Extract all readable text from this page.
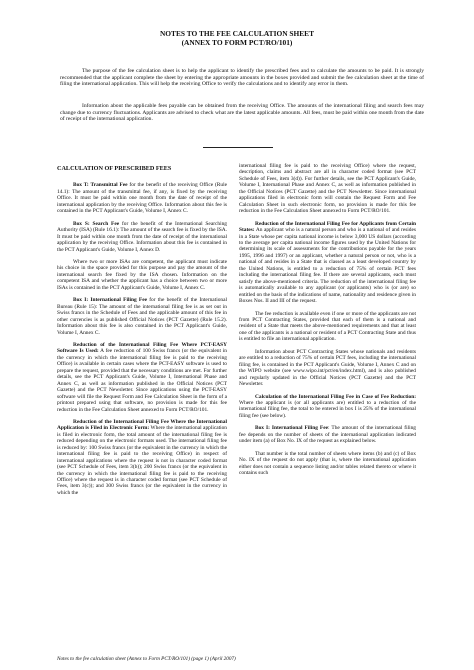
NOTES TO THE FEE CALCULATION SHEET
(ANNEX TO FORM PCT/RO/101)

The purpose of the fee calculation sheet is to help the applicant to identify the prescribed fees and to calculate the amounts to be paid. It is strongly recommended that the applicant complete the sheet by entering the appropriate amounts in the boxes provided and submit the fee calculation sheet at the time of filing the international application. This will help the receiving Office to verify the calculations and to identify any error in them.

Information about the applicable fees payable can be obtained from the receiving Office. The amounts of the international filing and search fees may change due to currency fluctuations. Applicants are advised to check what are the latest applicable amounts. All fees, must be paid within one month from the date of receipt of the international application.

CALCULATION OF PRESCRIBED FEES

Box T: Transmittal Fee for the benefit of the receiving Office (Rule 14.1): The amount of the transmittal fee, if any, is fixed by the receiving Office. It must be paid within one month from the date of receipt of the international application by the receiving Office. Information about this fee is contained in the PCT Applicant's Guide, Volume I, Annex C.

Box S: Search Fee for the benefit of the International Searching Authority (ISA) (Rule 16.1): The amount of the search fee is fixed by the ISA. It must be paid within one month from the date of receipt of the international application by the receiving Office. Information about this fee is contained in the PCT Applicant's Guide, Volume I, Annex D.

Where two or more ISAs are competent, the applicant must indicate his choice in the space provided for this purpose and pay the amount of the international search fee fixed by the ISA chosen. Information on the competent ISA and whether the applicant has a choice between two or more ISAs is contained in the PCT Applicant's Guide, Volume I, Annex C.

Box I: International Filing Fee for the benefit of the International Bureau (Rule 15): The amount of the international filing fee is as set out in Swiss francs in the Schedule of Fees and the applicable amount of this fee in other currencies is as published Official Notices (PCT Gazette) (Rule 15.2). Information about this fee is also contained in the PCT Applicant's Guide, Volume I, Annex C.

Reduction of the International Filing Fee Where PCT-EASY Software Is Used: A fee reduction of 100 Swiss francs (or the equivalent in the currency in which the international filing fee is paid to the receiving Office) is available in certain cases where the PCT-EASY software is used to prepare the request, provided that the necessary conditions are met. For further details, see the PCT Applicant's Guide, Volume I, International Phase and Annex C, as well as information published in the Official Notices (PCT Gazette) and the PCT Newsletter. Since applications using the PCT-EASY software will file the Request Form and Fee Calculation Sheet in the form of a printout prepared using that software, no provision is made for this fee reduction in the Fee Calculation Sheet annexed to Form PCT/RO/101.

Reduction of the International Filing Fee Where the International Application is Filed in Electronic Form: Where the international application is filed in electronic form, the total amount of the international filing fee is reduced depending on the electronic formats used. The international filing fee is reduced by: 100 Swiss francs (or the equivalent in the currency in which the international filing fee is paid to the receiving Office) in respect of international applications where the request is not in character coded format (see PCT Schedule of Fees, item 3(b)); 200 Swiss francs (or the equivalent in the currency in which the international filing fee is paid to the receiving Office) where the request is in character coded format (see PCT Schedule of Fees, item 3(c)); and 300 Swiss francs (or the equivalent in the currency in which the

international filing fee is paid to the receiving Office) where the request, description, claims and abstract are all in character coded format (see PCT Schedule of Fees, item 3(d)). For further details, see the PCT Applicant's Guide, Volume I, International Phase and Annex C, as well as information published in the Official Notices (PCT Gazette) and the PCT Newsletter. Since international applications filed in electronic form will contain the Request Form and Fee Calculation Sheet in such electronic form, no provision is made for this fee reduction in the Fee Calculation Sheet annexed to Form PCT/RO/101.

Reduction of the International Filing Fee for Applicants from Certain States: An applicant who is a natural person and who is a national of and resides in a State whose per capita national income is below 3,000 US dollars (according to the average per capita national income figures used by the United Nations for determining its scale of assessments for the contributions payable for the years 1995, 1996 and 1997) or an applicant, whether a natural person or not, who is a national of and resides in a State that is classed as a least developed country by the United Nations, is entitled to a reduction of 75% of certain PCT fees including the international filing fee. If there are several applicants, each must satisfy the above-mentioned criteria. The reduction of the international filing fee is automatically available to any applicant (or applicants) who is (or are) so entitled on the basis of the indications of name, nationality and residence given in Boxes Nos. II and III of the request.

The fee reduction is available even if one or more of the applicants are not from PCT Contracting States, provided that each of them is a national and resident of a State that meets the above-mentioned requirements and that at least one of the applicants is a national or resident of a PCT Contracting State and thus is entitled to file an international application.

Information about PCT Contracting States whose nationals and residents are entitled to a reduction of 75% of certain PCT fees, including the international filing fee, is contained in the PCT Applicant's Guide, Volume I, Annex C and on the WIPO website (see www.wipo.int/pct/en/index.html), and is also published and regularly updated in the Official Notices (PCT Gazette) and the PCT Newsletter.

Calculation of the International Filing Fee in Case of Fee Reduction: Where the applicant is (or all applicants are) entitled to a reduction of the international filing fee, the total to be entered in box I is 25% of the international filing fee (see below).

Box I: International Filing Fee: The amount of the international filing fee depends on the number of sheets of the international application indicated under item (a) of Box No. IX of the request as explained below.

That number is the total number of sheets where items (b) and (c) of Box No. IX of the request do not apply (that is, where the international application either does not contain a sequence listing and/or tables related thereto or where it contains such

Notes to the fee calculation sheet (Annex to Form PCT/RO/101) (page 1) (April 2007)
